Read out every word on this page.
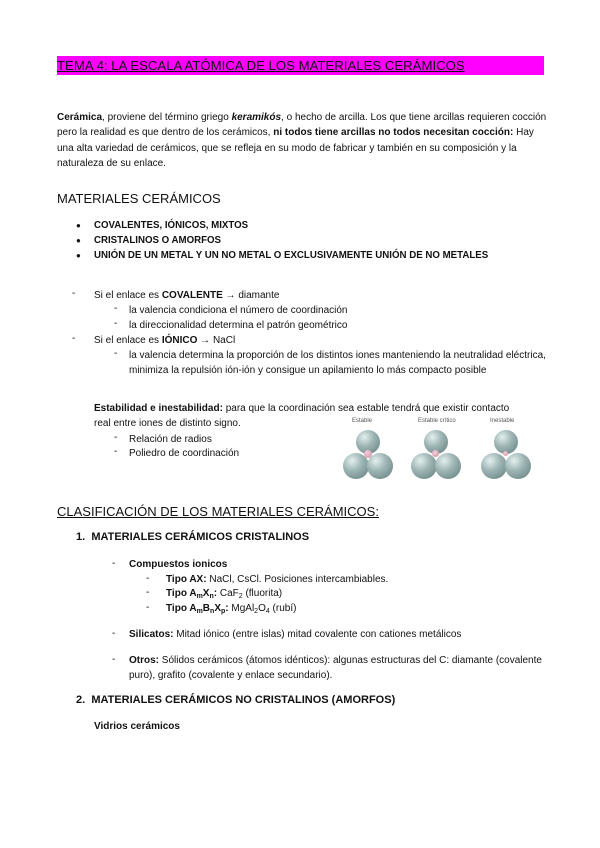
TEMA 4: LA ESCALA ATÓMICA DE LOS MATERIALES CERÁMICOS

Cerámica, proviene del término griego keramikós, o hecho de arcilla. Los que tiene arcillas requieren cocción pero la realidad es que dentro de los cerámicos, ni todos tiene arcillas no todos necesitan cocción: Hay una alta variedad de cerámicos, que se refleja en su modo de fabricar y también en su composición y la naturaleza de su enlace.

MATERIALES CERÁMICOS
● COVALENTES, IÓNICOS, MIXTOS
● CRISTALINOS O AMORFOS
● UNIÓN DE UN METAL Y UN NO METAL O EXCLUSIVAMENTE UNIÓN DE NO METALES
- Si el enlace es COVALENTE → diamante
- la valencia condiciona el número de coordinación
- la direccionalidad determina el patrón geométrico
- Si el enlace es IÓNICO → NaCl
- la valencia determina la proporción de los distintos iones manteniendo la neutralidad eléctrica, minimiza la repulsión ión-ión y consigue un apilamiento lo más compacto posible
Estabilidad e inestabilidad: para que la coordinación sea estable tendrá que existir contacto real entre iones de distinto signo.
- Relación de radios
- Poliedro de coordinación
Estable	Estable crítico	Inestable
CLASIFICACIÓN DE LOS MATERIALES CERÁMICOS:
1. MATERIALES CERÁMICOS CRISTALINOS
- Compuestos ionicos
- Tipo AX: NaCl, CsCl. Posiciones intercambiables.
- Tipo $A_mX_n$: CaF$_2$ (fluorita)
- Tipo $A_mB_nX_p$: $MgAl_2O_4$ (rubí)
- Silicatos: Mitad iónico (entre islas) mitad covalente con cationes metálicos
- Otros: Sólidos cerámicos (átomos idénticos): algunas estructuras del C: diamante (covalente puro), grafito (covalente y enlace secundario).
2. MATERIALES CERÁMICOS NO CRISTALINOS (AMORFOS)
Vidrios cerámicos
